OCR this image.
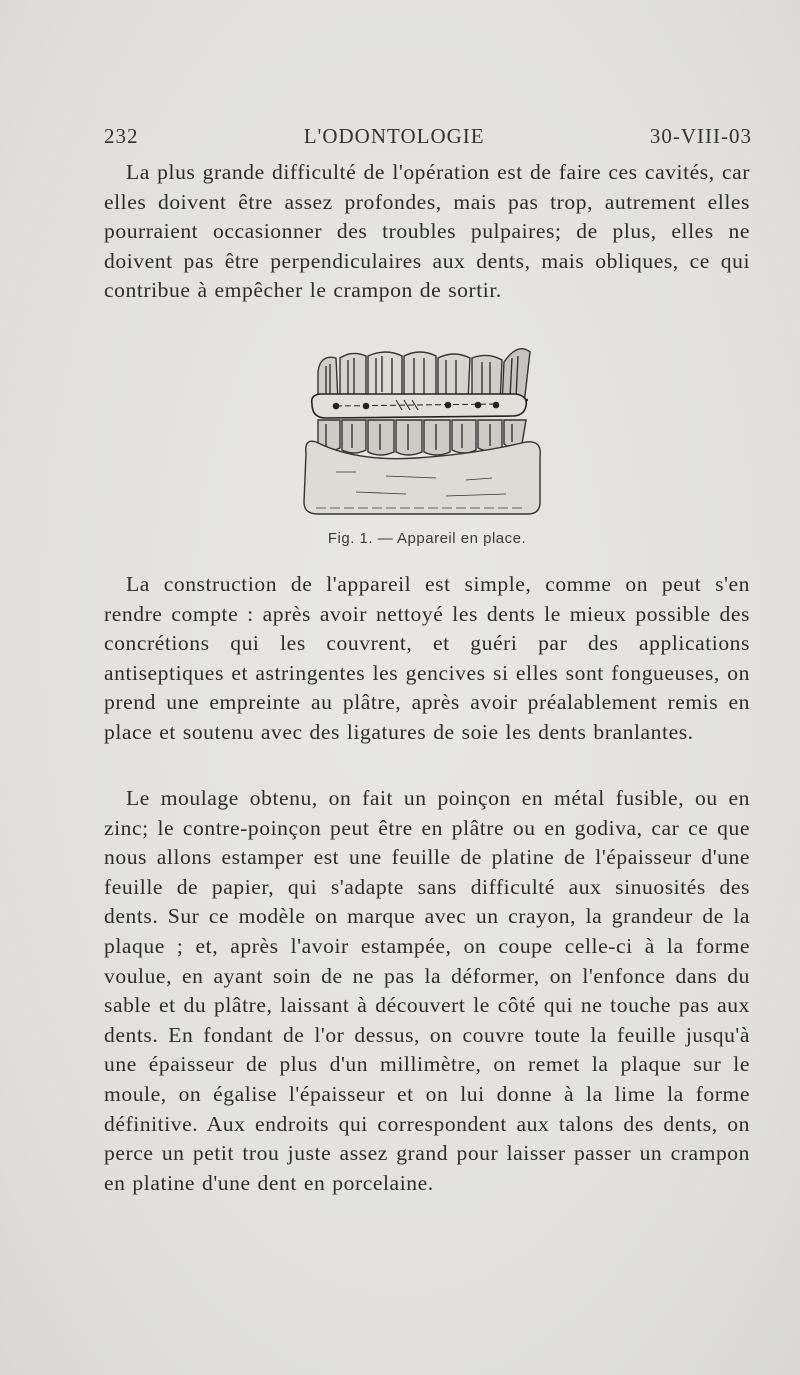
232	L'ODONTOLOGIE	30-VIII-03

La plus grande difficulté de l'opération est de faire ces cavités, car elles doivent être assez profondes, mais pas trop, autrement elles pourraient occasionner des troubles pulpaires; de plus, elles ne doivent pas être perpendiculaires aux dents, mais obliques, ce qui contribue à empêcher le crampon de sortir.

Fig. 1. — Appareil en place.

La construction de l'appareil est simple, comme on peut s'en rendre compte : après avoir nettoyé les dents le mieux possible des concrétions qui les couvrent, et guéri par des applications antiseptiques et astringentes les gencives si elles sont fongueuses, on prend une empreinte au plâtre, après avoir préalablement remis en place et soutenu avec des ligatures de soie les dents branlantes.

Le moulage obtenu, on fait un poinçon en métal fusible, ou en zinc; le contre-poinçon peut être en plâtre ou en godiva, car ce que nous allons estamper est une feuille de platine de l'épaisseur d'une feuille de papier, qui s'adapte sans difficulté aux sinuosités des dents. Sur ce modèle on marque avec un crayon, la grandeur de la plaque ; et, après l'avoir estampée, on coupe celle-ci à la forme voulue, en ayant soin de ne pas la déformer, on l'enfonce dans du sable et du plâtre, laissant à découvert le côté qui ne touche pas aux dents. En fondant de l'or dessus, on couvre toute la feuille jusqu'à une épaisseur de plus d'un millimètre, on remet la plaque sur le moule, on égalise l'épaisseur et on lui donne à la lime la forme définitive. Aux endroits qui correspondent aux talons des dents, on perce un petit trou juste assez grand pour laisser passer un crampon en platine d'une dent en porcelaine.
